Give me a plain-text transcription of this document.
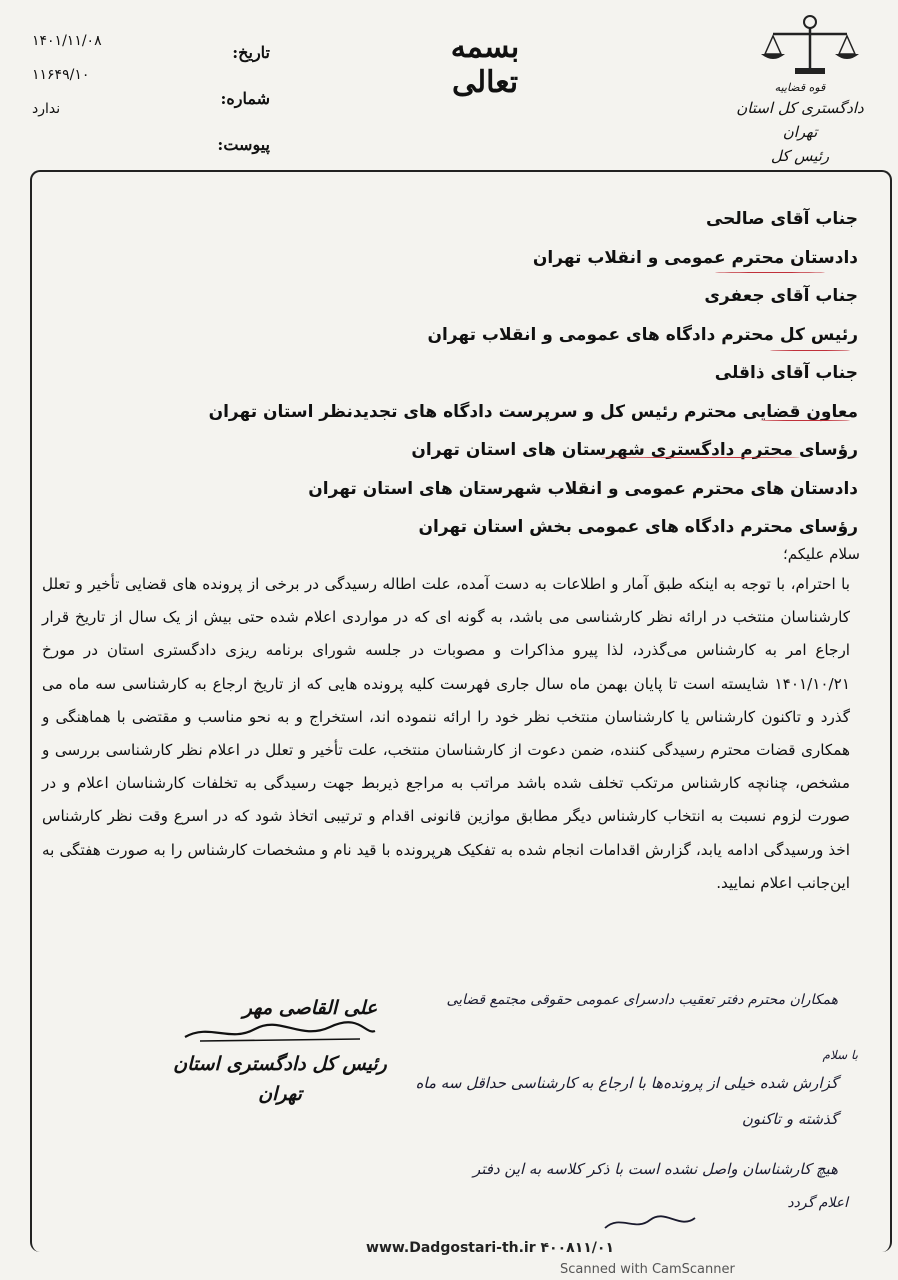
۱۴۰۱/۱۱/۰۸
۱۱۶۴۹/۱۰
ندارد
تاریخ:
شماره:
پیوست:
بسمه تعالی	قوه قضاییه
دادگستری کل استان تهران
رئیس کل
جناب آقای صالحی
دادستان محترم عمومی و انقلاب تهران
جناب آقای جعفری
رئیس کل محترم دادگاه های عمومی و انقلاب تهران
جناب آقای ذاقلی
معاون قضایی محترم رئیس کل و سرپرست دادگاه های تجدیدنظر استان تهران
رؤسای محترم دادگستری شهرستان های استان تهران
دادستان های محترم عمومی و انقلاب شهرستان های استان تهران
رؤسای محترم دادگاه های عمومی بخش استان تهران
سلام علیکم؛
با احترام، با توجه به اینکه طبق آمار و اطلاعات به دست آمده، علت اطاله رسیدگی در برخی از پرونده های قضایی تأخیر و تعلل کارشناسان منتخب در ارائه نظر کارشناسی می باشد، به گونه ای که در مواردی اعلام شده حتی بیش از یک سال از تاریخ قرار ارجاع امر به کارشناس می‌گذرد، لذا پیرو مذاکرات و مصوبات در جلسه شورای برنامه ریزی دادگستری استان در مورخ ۱۴۰۱/۱۰/۲۱ شایسته است تا پایان بهمن ماه سال جاری فهرست کلیه پرونده هایی که از تاریخ ارجاع به کارشناسی سه ماه می گذرد و تاکنون کارشناس یا کارشناسان منتخب نظر خود را ارائه ننموده اند، استخراج و به نحو مناسب و مقتضی با هماهنگی و همکاری قضات محترم رسیدگی کننده، ضمن دعوت از کارشناسان منتخب، علت تأخیر و تعلل در اعلام نظر کارشناسی بررسی و مشخص، چنانچه کارشناس مرتکب تخلف شده باشد مراتب به مراجع ذیربط جهت رسیدگی به تخلفات کارشناسان اعلام و در صورت لزوم نسبت به انتخاب کارشناس دیگر مطابق موازین قانونی اقدام و ترتیبی اتخاذ شود که در اسرع وقت نظر کارشناس اخذ ورسیدگی ادامه یابد، گزارش اقدامات انجام شده به تفکیک هرپرونده با قید نام و مشخصات کارشناس را به صورت هفتگی به این‌جانب اعلام نمایید.
علی القاصی مهر
رئیس کل دادگستری استان تهران
همکاران محترم دفتر تعقیب دادسرای عمومی حقوقی مجتمع قضایی
با سلام
گزارش شده خیلی از پرونده‌ها با ارجاع به کارشناسی حداقل سه ماه گذشته و تاکنون
هیچ کارشناسان واصل نشده است با ذکر کلاسه به این دفتر
اعلام گردد
www.Dadgostari-th.ir ۴۰۰۸۱۱/۰۱
Scanned with CamScanner
